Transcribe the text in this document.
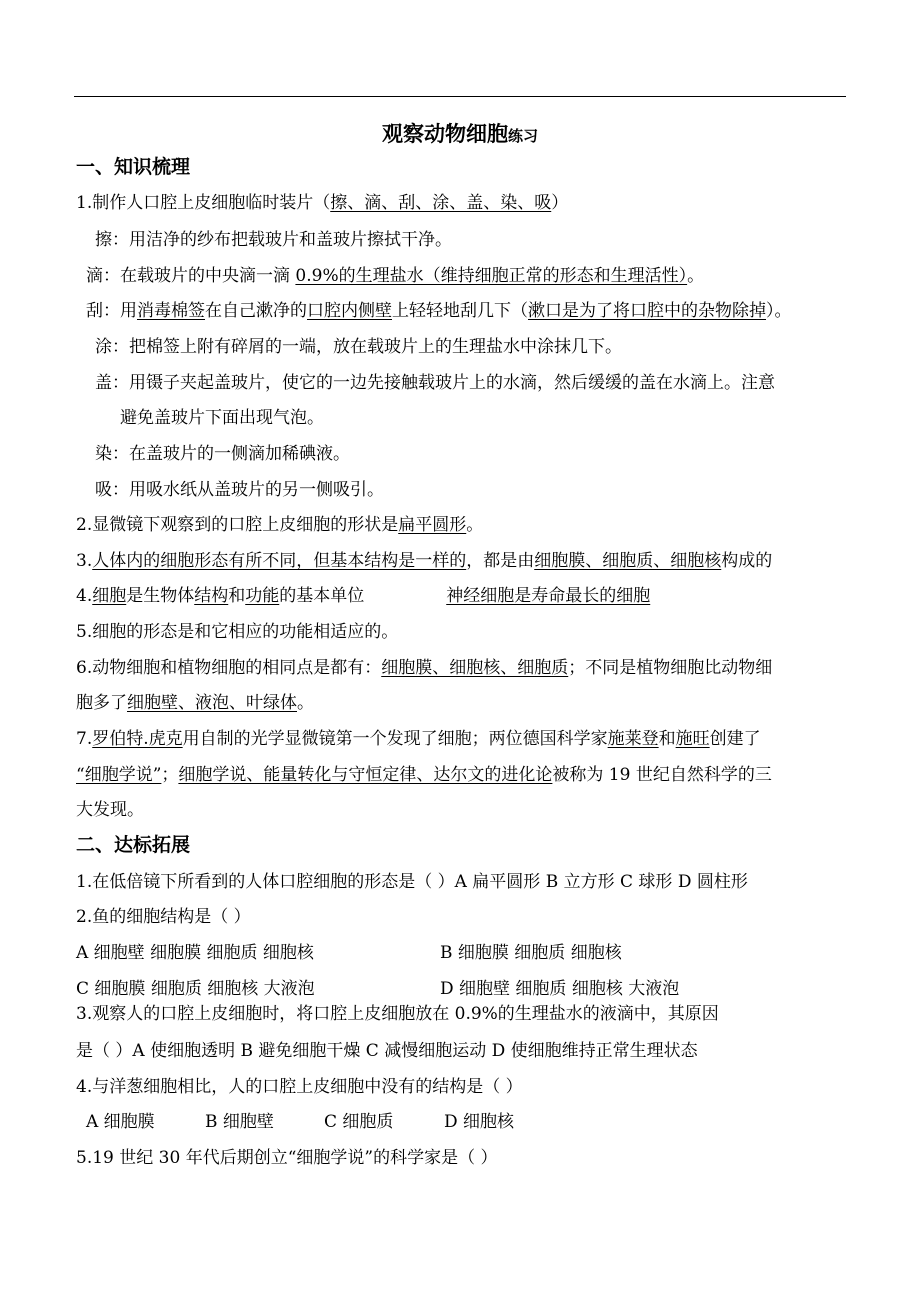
观察动物细胞练习
一、知识梳理
1.制作人口腔上皮细胞临时装片（擦、滴、刮、涂、盖、染、吸）
擦：用洁净的纱布把载玻片和盖玻片擦拭干净。
滴：在载玻片的中央滴一滴 0.9%的生理盐水（维持细胞正常的形态和生理活性）。
刮：用消毒棉签在自己漱净的口腔内侧壁上轻轻地刮几下（漱口是为了将口腔中的杂物除掉）。
涂：把棉签上附有碎屑的一端，放在载玻片上的生理盐水中涂抹几下。
盖：用镊子夹起盖玻片，使它的一边先接触载玻片上的水滴，然后缓缓的盖在水滴上。注意
避免盖玻片下面出现气泡。
染：在盖玻片的一侧滴加稀碘液。
吸：用吸水纸从盖玻片的另一侧吸引。
2.显微镜下观察到的口腔上皮细胞的形状是扁平圆形。
3.人体内的细胞形态有所不同，但基本结构是一样的，都是由细胞膜、细胞质、细胞核构成的
4.细胞是生物体结构和功能的基本单位	神经细胞是寿命最长的细胞
5.细胞的形态是和它相应的功能相适应的。
6.动物细胞和植物细胞的相同点是都有：细胞膜、细胞核、细胞质；不同是植物细胞比动物细
胞多了细胞壁、液泡、叶绿体。
7.罗伯特.虎克用自制的光学显微镜第一个发现了细胞；两位德国科学家施莱登和施旺创建了
“细胞学说”；细胞学说、能量转化与守恒定律、达尔文的进化论被称为 19 世纪自然科学的三
大发现。
二、达标拓展
1.在低倍镜下所看到的人体口腔细胞的形态是（ ）A 扁平圆形 B 立方形 C 球形 D 圆柱形
2.鱼的细胞结构是（ ）
A 细胞壁 细胞膜 细胞质 细胞核	B 细胞膜 细胞质 细胞核
C 细胞膜 细胞质 细胞核 大液泡	D 细胞壁 细胞质 细胞核 大液泡
3.观察人的口腔上皮细胞时，将口腔上皮细胞放在 0.9%的生理盐水的液滴中，其原因
是（ ）A 使细胞透明 B 避免细胞干燥 C 减慢细胞运动 D 使细胞维持正常生理状态
4.与洋葱细胞相比，人的口腔上皮细胞中没有的结构是（ ）
A 细胞膜	B 细胞壁	C 细胞质	D 细胞核
5.19 世纪 30 年代后期创立“细胞学说”的科学家是（ ）
